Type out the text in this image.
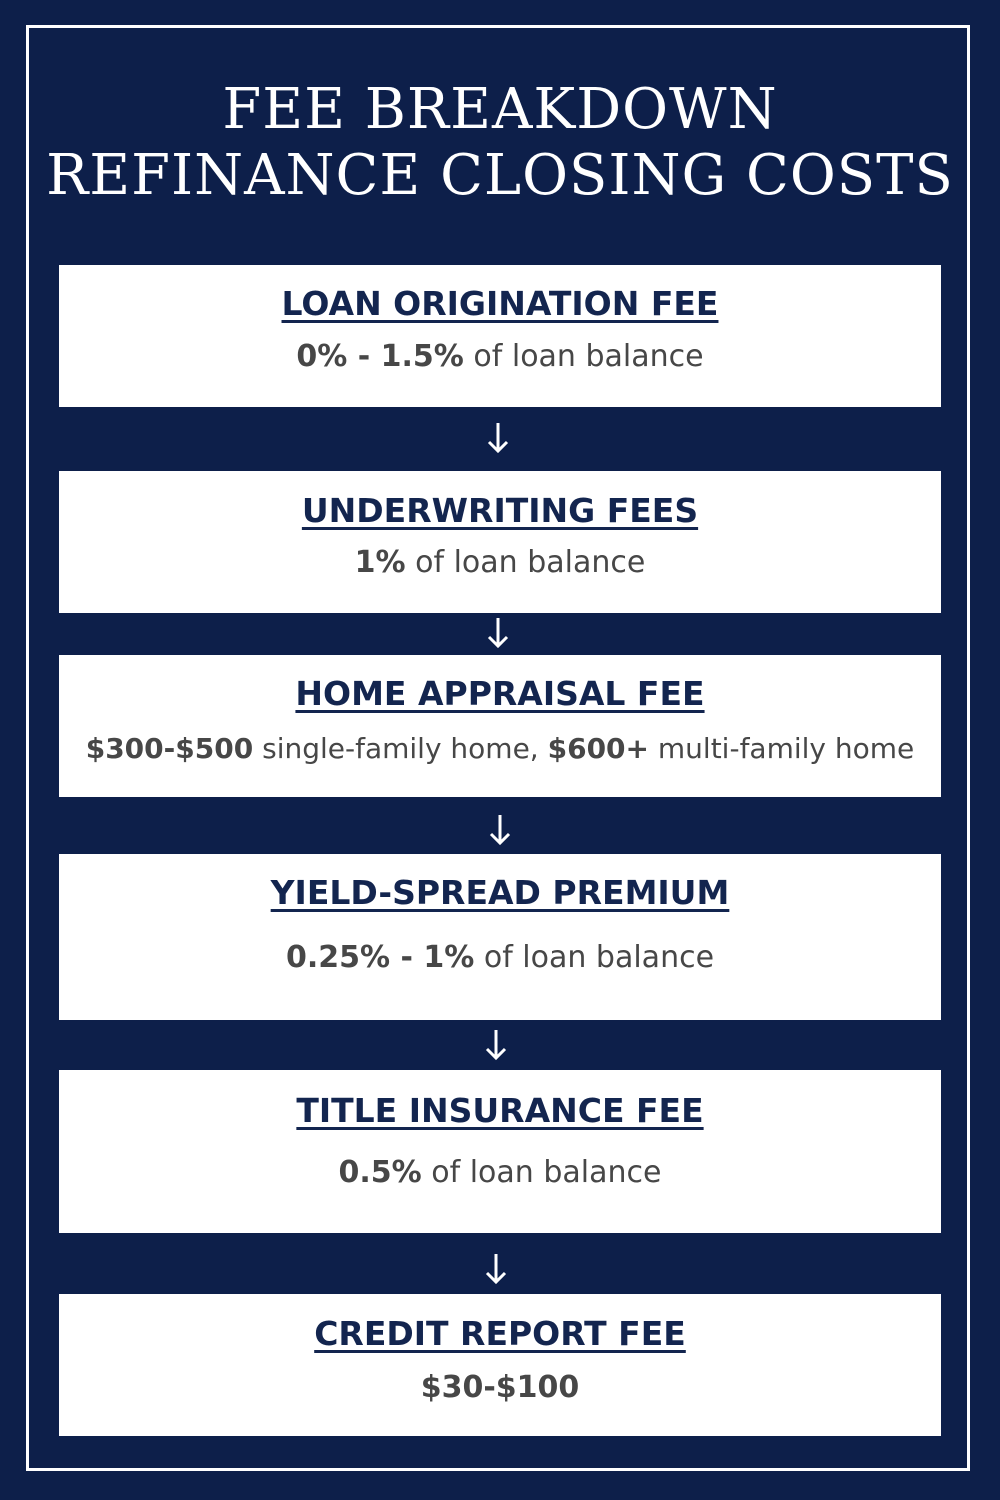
FEE BREAKDOWN
REFINANCE CLOSING COSTS
LOAN ORIGINATION FEE
0% - 1.5% of loan balance
UNDERWRITING FEES
1% of loan balance
HOME APPRAISAL FEE
$300-$500 single-family home, $600+ multi-family home
YIELD-SPREAD PREMIUM
0.25% - 1% of loan balance
TITLE INSURANCE FEE
0.5% of loan balance
CREDIT REPORT FEE
$30-$100
